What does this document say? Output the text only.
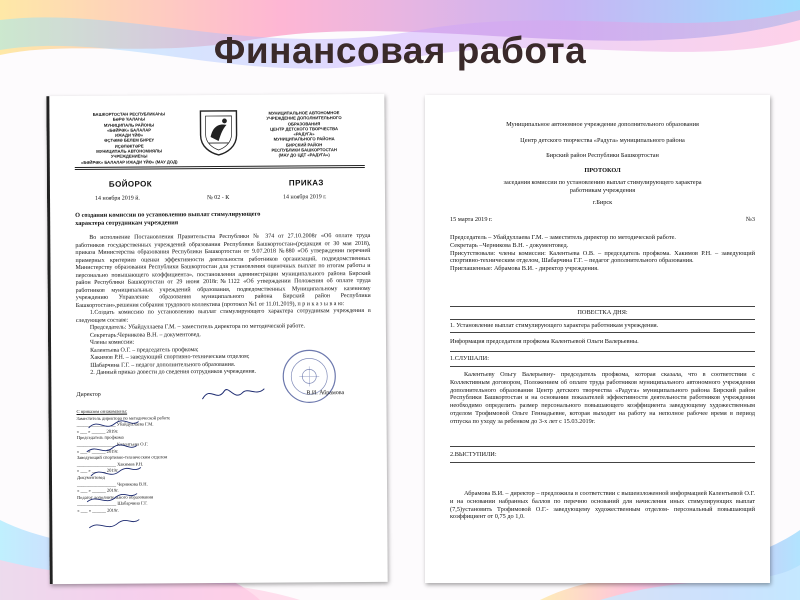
Финансовая работа
БАШКОРТОСТАН РЕСПУБЛИКАҺЫ
БӘРӘ ҠАЛАҺЫ
МУНИЦИПАЛЬ РАЙОНЫ
«БӘЙРӘК» БАЛАЛАР
ИЖАДИ ҮЙӨ»
ӨҪТӘМӘ БЕЛЕМ БИРЕҮ
ИҪӘЛӘКТӘРЕ
МУНИЦИПАЛЬ АВТОНОМИЯЛЫ
УЧРЕЖДЕНИЕҺЫ
«БӘЙРӘК» БАЛАЛАР ИЖАДИ ҮЙӨ» (МАУ ДОД)
МУНИЦИПАЛЬНОЕ АВТОНОМНОЕ
УЧРЕЖДЕНИЕ ДОПОЛНИТЕЛЬНОГО
ОБРАЗОВАНИЯ
ЦЕНТР ДЕТСКОГО ТВОРЧЕСТВА
«РАДУГА»
МУНИЦИПАЛЬНОГО РАЙОНА
БИРСКИЙ РАЙОН
РЕСПУБЛИКИ БАШКОРТОСТАН
(МАУ ДО ЦДТ «РАДУГА»)
БОЙОРОК	ПРИКАЗ
14 ноября 2019 й.	№ 02 - К	14 ноября 2019 г.
О создании комиссии по установлению выплат стимулирующего характера сотрудникам учреждения

Во исполнение Постановления Правительства Республики № 374 от 27.10.2008г «Об оплате труда работников государственных учреждений образования Республики Башкортостан»(редакция от 30 мая 2018), приказа Министерства образования Республики Башкортостан от 9.07.2018 №880 «Об утверждении перечней примерных критериев оценки эффективности деятельности работников организаций, подведомственных Министерству образования Республики Башкортостан для установления оценочных выплат по итогам работы и персонально повышающего коэффициента», постановления администрации муниципального района Бирский район Республики Башкортостан от 29 июня 2018г.№1122 «Об утверждении Положения об оплате труда работников муниципальных учреждений образования, подведомственных Муниципальному казенному учреждению Управление образования муниципального района Бирский район Республики Башкортостан»,решения собрания трудового коллектива (протокол №1 от 11.01.2019), п р и к а з ы в а ю:

1.Создать комиссию по установлению выплат стимулирующего характера сотрудникам учреждения в следующем составе:

Председатель: Убайдуллаева Г.М. – заместитель директора по методической работе.

Секретарь:Черникова В.Н. – документовед.

Члены комиссии:

Калентьева О.Г. – председатель профкома;

Хакимов Р.Н. – заведующий спортивно-техническим отделом;

Шабарчина Г.Г. – педагог дополнительного образования.

2. Данный приказ довести до сведения сотрудников учреждения.

Директор	В.И. Абрамова
С приказом ознакомлены:
Заместитель директора по методической работе
_________________ Убайдуллаева Г.М.
« ___ » ______ 2019г.
Председатель профкома
_________________ Калентьева О.Г.
« ___ » ______ 2019г.
Заведующий спортивно-техническим отделом
_________________ Хакимов Р.Н.
« ___ » ______ 2019г.
Документовед
_________________ Черникова В.Н.
« ___ » ______ 2019г.
Педагог дополнительного образования
_________________ Шабарчина Г.Г.
« ___ » ______ 2019г.
Муниципальное автономное учреждение дополнительного образования
Центр детского творчества «Радуга» муниципального района
Бирский район Республики Башкортостан
ПРОТОКОЛ
заседания комиссии по установлению выплат стимулирующего характера работникам учреждения
г.Бирск
15 марта 2019 г.	№3

Председатель – Убайдуллаева Г.М. – заместитель директор по методической работе.

Секретарь –Черникова В.Н. - документовед.

Присутствовали: члены комиссии: Калентьева О.В. – председатель профкома. Хакимов Р.Н. – заведующий спортивно-техническим отделом, Шабарчина Г.Г. – педагог дополнительного образования.

Приглашенные: Абрамова В.И. - директор учреждения.

ПОВЕСТКА ДНЯ:
1. Установление выплат стимулирующего характера работникам учреждения.
Информация председателя профкома Калентьевой Ольги Валерьевны.
1.СЛУШАЛИ:

Калентьеву Ольгу Валерьевну- председатель профкома, которая сказала, что в соответствии с Коллективным договором, Положением об оплате труда работников муниципального автономного учреждения дополнительного образования Центр детского творчества «Радуга» муниципального района Бирский район Республики Башкортостан и на основании показателей эффективности деятельности работников учреждения необходимо определить размер персонального повышающего коэффициента заведующему художественным отделом Трофимовой Ольге Геннадьевне, которая выходит на работу на неполное рабочее время в период отпуска по уходу за ребенком до 3-х лет с 15.03.2019г.

2.ВЫСТУПИЛИ:

Абрамова В.И. – директор – предложила в соответствии с вышеизложенной информацией Калентьевой О.Г. и на основании набранных баллов по перечню оснований для начисления иных стимулирующих выплат (7,5)установить Трофимовой О.Г.- заведующему художественным отделом- персональный повышающий коэффициент от 0,75 до 1,0.
